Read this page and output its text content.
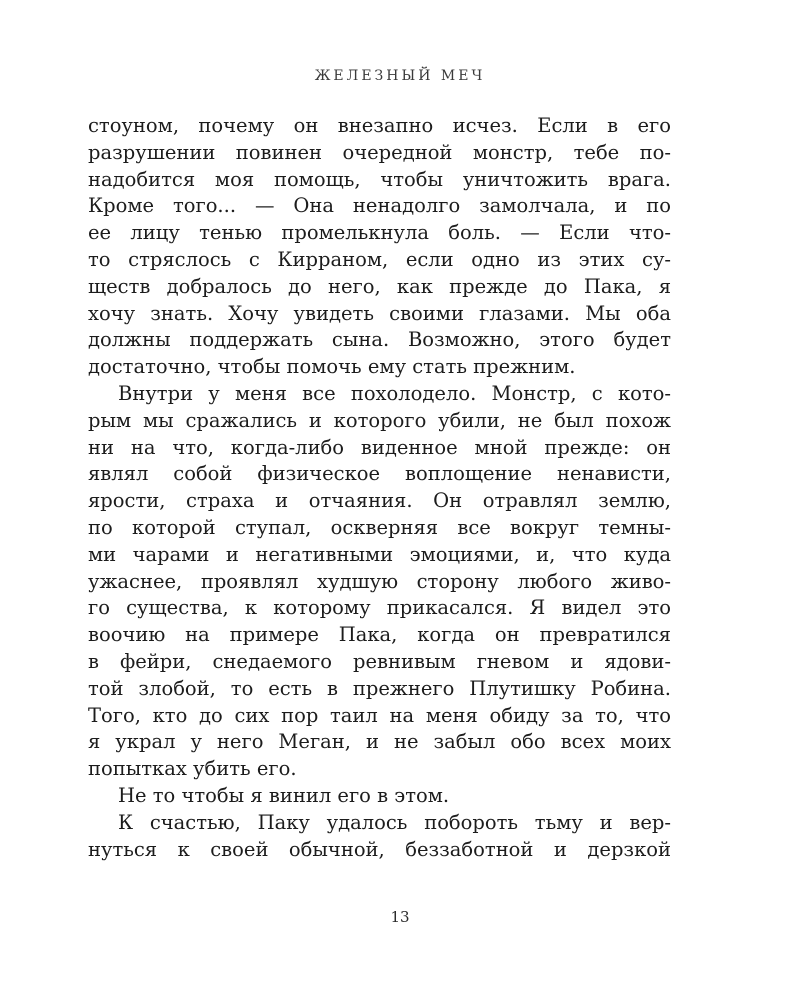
ЖЕЛЕЗНЫЙ МЕЧ
стоуном, почему он внезапно исчез. Если в его
разрушении повинен очередной монстр, тебе по-
надобится моя помощь, чтобы уничтожить врага.
Кроме того... — Она ненадолго замолчала, и по
ее лицу тенью промелькнула боль. — Если что-
то стряслось с Кирраном, если одно из этих су-
ществ добралось до него, как прежде до Пака, я
хочу знать. Хочу увидеть своими глазами. Мы оба
должны поддержать сына. Возможно, этого будет
достаточно, чтобы помочь ему стать прежним.
Внутри у меня все похолодело. Монстр, с кото-
рым мы сражались и которого убили, не был похож
ни на что, когда-либо виденное мной прежде: он
являл собой физическое воплощение ненависти,
ярости, страха и отчаяния. Он отравлял землю,
по которой ступал, оскверняя все вокруг темны-
ми чарами и негативными эмоциями, и, что куда
ужаснее, проявлял худшую сторону любого живо-
го существа, к которому прикасался. Я видел это
воочию на примере Пака, когда он превратился
в фейри, снедаемого ревнивым гневом и ядови-
той злобой, то есть в прежнего Плутишку Робина.
Того, кто до сих пор таил на меня обиду за то, что
я украл у него Меган, и не забыл обо всех моих
попытках убить его.
Не то чтобы я винил его в этом.
К счастью, Паку удалось побороть тьму и вер-
нуться к своей обычной, беззаботной и дерзкой
13
